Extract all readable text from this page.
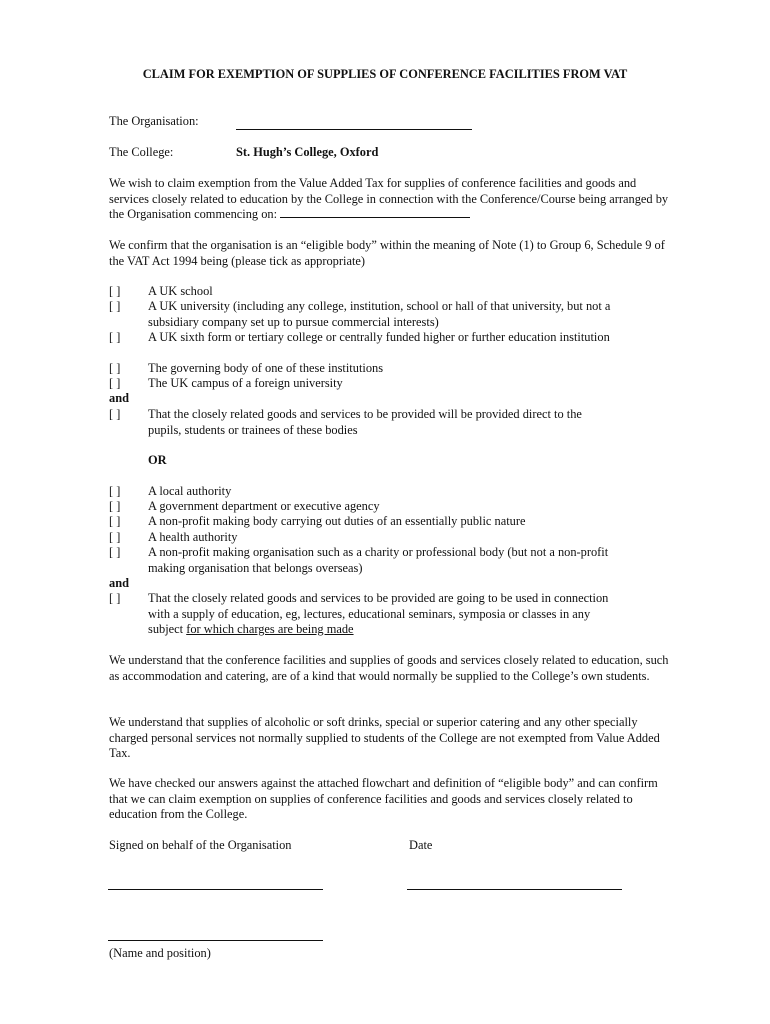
CLAIM FOR EXEMPTION OF SUPPLIES OF CONFERENCE FACILITIES FROM VAT
The Organisation:
The College:	St. Hugh’s College, Oxford
We wish to claim exemption from the Value Added Tax for supplies of conference facilities and goods and services closely related to education by the College in connection with the Conference/Course being arranged by the Organisation commencing on:
We confirm that the organisation is an “eligible body” within the meaning of Note (1) to Group 6, Schedule 9 of the VAT Act 1994 being (please tick as appropriate)
[ ] A UK school
[ ] A UK university (including any college, institution, school or hall of that university, but not a subsidiary company set up to pursue commercial interests)
[ ] A UK sixth form or tertiary college or centrally funded higher or further education institution
[ ] The governing body of one of these institutions
[ ] The UK campus of a foreign university
and
[ ] That the closely related goods and services to be provided will be provided direct to the pupils, students or trainees of these bodies
OR
[ ] A local authority
[ ] A government department or executive agency
[ ] A non-profit making body carrying out duties of an essentially public nature
[ ] A health authority
[ ] A non-profit making organisation such as a charity or professional body (but not a non-profit making organisation that belongs overseas)
and
[ ] That the closely related goods and services to be provided are going to be used in connection with a supply of education, eg, lectures, educational seminars, symposia or classes in any subject for which charges are being made
We understand that the conference facilities and supplies of goods and services closely related to education, such as accommodation and catering, are of a kind that would normally be supplied to the College’s own students.
We understand that supplies of alcoholic or soft drinks, special or superior catering and any other specially charged personal services not normally supplied to students of the College are not exempted from Value Added Tax.
We have checked our answers against the attached flowchart and definition of “eligible body” and can confirm that we can claim exemption on supplies of conference facilities and goods and services closely related to education from the College.
Signed on behalf of the Organisation	Date
(Name and position)
